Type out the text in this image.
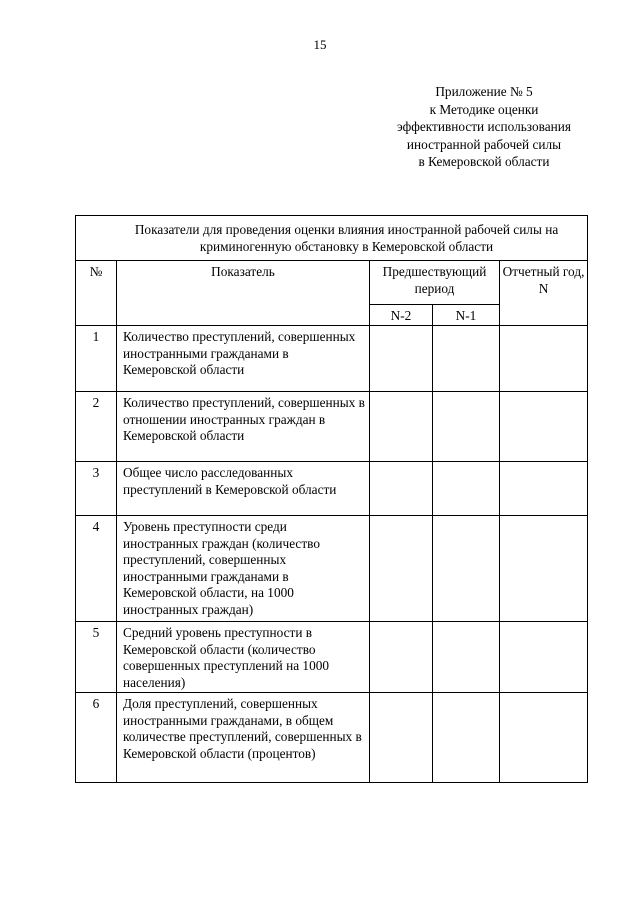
15
Приложение № 5
к Методике оценки
эффективности использования
иностранной рабочей силы
в Кемеровской области
Показатели для проведения оценки влияния иностранной рабочей силы на криминогенную обстановку в Кемеровской области				
№	Показатель	Предшествующий период		Отчетный год, N
		N-2	N-1	
1	Количество преступлений, совершенных иностранными гражданами в Кемеровской области			
2	Количество преступлений, совершенных в отношении иностранных граждан в Кемеровской области			
3	Общее число расследованных преступлений в Кемеровской области			
4	Уровень преступности среди иностранных граждан (количество преступлений, совершенных иностранными гражданами в Кемеровской области, на 1000 иностранных граждан)			
5	Средний уровень преступности в Кемеровской области (количество совершенных преступлений на 1000 населения)			
6	Доля преступлений, совершенных иностранными гражданами, в общем количестве преступлений, совершенных в Кемеровской области (процентов)			
